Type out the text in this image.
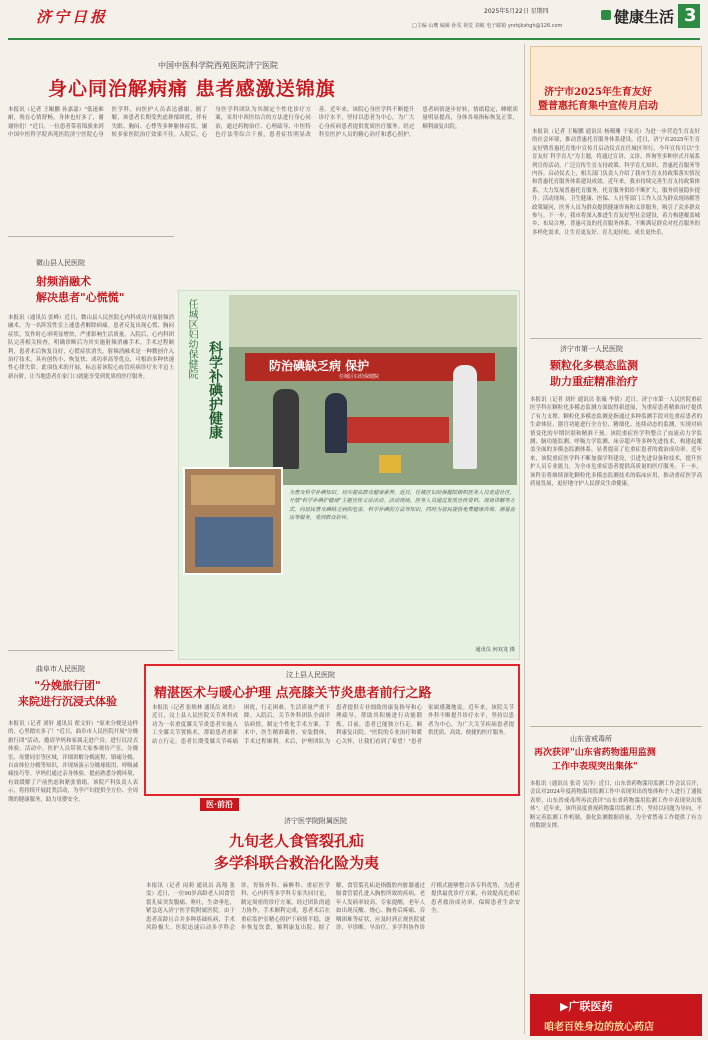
济宁日报	2025年5月22日 星期四
□主编 山鹰 编辑 孙雯 视觉 刘敏 电子邮箱 ynrbjkshgh@126.com	健康生活 3
中国中医科学院西苑医院济宁医院
身心同治解病痛 患者感激送锦旗
本报讯（记者 王鲲鹏 孙嘉嘉）"低迷难耐，现在心情舒畅，身体也好多了，谢谢你们！"近日，一位患者带着锦旗来到中国中医科学院西苑医院济宁医院心身医学科，向医护人员表达感谢。据了解，该患者长期受焦虑抑郁困扰，伴有失眠、胸闷、心悸等多种躯体症状，辗转多家医院治疗效果不佳。入院后，心身医学科团队为其制定个性化诊疗方案，采用中西医结合的方法进行身心同治，通过药物治疗、心理疏导、中医特色疗法等综合干预，患者症状明显改善。近年来，该院心身医学科不断提升诊疗水平，坚持以患者为中心，为广大心身疾病患者提供优质医疗服务。经过科室医护人员的精心治疗和悉心照护，患者病情逐步好转，情绪稳定，睡眠质量明显提高，身体各项指标恢复正常，顺利康复出院。
济宁市2025年生育友好
暨普惠托育集中宣传月启动
本报讯（记者 王鲲鹏 通讯员 杨珊珊 于家亮）为进一步营造生育友好的社会环境，推动普惠托育服务体系建设，近日，济宁市2025年生育友好暨普惠托育集中宣传月启动仪式在任城区举行。今年宣传月以"生育友好 科学育儿"为主题，将通过宣讲、义诊、咨询等多种形式开展系列宣传活动，广泛宣传生育支持政策、科学育儿知识、普惠托育服务等内容。启动仪式上，相关部门负责人介绍了我市生育支持政策落实情况和普惠托育服务体系建设成效。近年来，我市持续完善生育支持政策体系，大力发展普惠托育服务，托育服务供给不断扩大，服务质量稳步提升。活动现场，卫生健康、医保、人社等部门工作人员为群众现场解答政策疑问，医务人员为群众提供健康咨询和义诊服务，吸引了众多群众参与。下一步，我市将深入推进生育友好型社会建设，着力构建覆盖城乡、布局合理、普惠可及的托育服务体系，不断满足群众对托育服务的多样化需求，让生育更友好、育儿更轻松、成长更快乐。
微山县人民医院
射频消融术
解决患者"心慌慌"
本报讯（通讯员 张峰）近日，微山县人民医院心内科成功开展射频消融术，为一名阵发性室上速患者解除病痛。患者反复出现心慌、胸闷症状，发作时心率明显增快，严重影响生活质量。入院后，心内科团队完善相关检查，明确诊断后为其实施射频消融手术。手术过程顺利，患者术后恢复良好，心慌症状消失。射频消融术是一种微创介入治疗技术，具有创伤小、恢复快、成功率高等优点，可根治多种快速性心律失常。此项技术的开展，标志着该院心血管疾病诊疗水平迈上新台阶，让当地患者在家门口就能享受到优质的医疗服务。
曲阜市人民医院
"分娩旅行团"
来院进行沉浸式体验
本报讯（记者 刘轩 通讯员 翟文轩）"原来分娩是这样的，心里踏实多了！"近日，曲阜市人民医院开展"分娩旅行团"活动，邀请孕妈和家属走进产房，进行沉浸式体验。活动中，医护人员带领大家参观待产室、分娩室、母婴同室等区域，详细讲解分娩流程、镇痛分娩、自由体位分娩等知识，并现场演示分娩球使用、呼吸减痛技巧等。孕妈们通过亲身体验，提前熟悉分娩环境，有效缓解了产前焦虑和紧张情绪。该院产科负责人表示，将持续开展此类活动，为孕产妇提供全方位、全周期的健康服务，助力母婴安全。
任城区妇幼保健院
科学补碘护健康	防治碘缺乏病 保护
任城区妇幼保健院
为普及科学补碘知识，切实提高群众健康素养，近日，任城区妇幼保健院组织医务人员走进社区，开展"科学补碘护健康"主题宣传义诊活动。活动现场，医务人员通过发放宣传资料、现场讲解等方式，向居民普及碘缺乏病的危害、科学补碘的方法等知识，同时为居民提供免费健康咨询、测量血压等服务，受到群众好评。
通讯员 何双龙 摄
汶上县人民医院
精湛医术与暖心护理 点亮膝关节炎患者前行之路
本报讯（记者 张焕林 通讯员 刘美）近日，汶上县人民医院关节外科成功为一名重度膝关节炎患者实施人工全膝关节置换术，帮助患者重新站立行走。患者长期受膝关节疼痛困扰，行走困难，生活质量严重下降。入院后，关节外科团队全面评估病情，制定个性化手术方案。手术中，医生精准截骨、安装假体，手术过程顺利。术后，护理团队为患者提供专业细致的康复指导和心理疏导，帮助其积极进行功能锻炼。目前，患者已能独立行走，顺利康复出院。"医院的专业治疗和暖心关怀，让我们看到了希望！"患者家属感激地说。近年来，该院关节外科不断提升诊疗水平，坚持以患者为中心，为广大关节疾病患者提供优质、高效、便捷的医疗服务。
医·前沿
济宁医学院附属医院
九旬老人食管裂孔疝
多学科联合救治化险为夷
本报讯（记者 闵莉 通讯员 高翔 张雯）近日，一位90岁高龄老人因食管裂孔疝突发腹痛、呕吐，生命垂危，紧急送入济宁医学院附属医院。由于患者高龄且合并多种基础疾病，手术风险极大。医院迅速启动多学科会诊，胃肠外科、麻醉科、重症医学科、心内科等多学科专家共同讨论，制定周密的诊疗方案。经过团队的通力协作，手术顺利完成，患者术后在重症监护室精心照护下病情平稳，逐步恢复饮食，顺利康复出院。据了解，食管裂孔疝是指腹腔内脏器通过膈食管裂孔进入胸腔所致的疾病，老年人发病率较高。专家提醒，老年人如出现反酸、烧心、胸骨后疼痛、吞咽困难等症状，应及时到正规医院就诊，早诊断、早治疗。多学科协作诊疗模式能够整合各专科优势，为患者提供最优诊疗方案，有效提高危重症患者救治成功率，保障患者生命安全。
济宁市第一人民医院
颗粒化多模态监测
助力重症精准治疗
本报讯（记者 刘轩 通讯员 张薇 李倩）近日，济宁市第一人民医院重症医学科在颗粒化多模态监测方面取得新进展，为重症患者精准治疗提供了有力支撑。颗粒化多模态监测是指通过多种监测手段对危重症患者的生命体征、器官功能进行全方位、精细化、连续动态的监测，实现对病情变化的早期识别和精准干预。该院重症医学科整合了血流动力学监测、脑功能监测、呼吸力学监测、床旁超声等多种先进技术，构建起覆盖全面的多模态监测体系，显著提高了危重症患者的救治成功率。近年来，该院重症医学科不断加强学科建设，引进先进设备和技术，提升医护人员专业能力，为全市危重症患者提供高质量的医疗服务。下一步，该科室将继续深化颗粒化多模态监测技术的临床应用，推动重症医学高质量发展，更好地守护人民群众生命健康。
山东省戒毒所
再次获评"山东省药物滥用监测
工作中表现突出集体"
本报讯（通讯员 张奇 吴洋）近日，山东省药物滥用监测工作会议召开，会议对2024年度药物滥用监测工作中表现突出的集体和个人进行了通报表彰，山东省戒毒所再次获评"山东省药物滥用监测工作中表现突出集体"。近年来，该所高度重视药物滥用监测工作，坚持以问题为导向，不断完善监测工作机制，强化监测数据质量，为全省禁毒工作提供了有力的数据支撑。
▶广联医药
咱老百姓身边的放心药店
